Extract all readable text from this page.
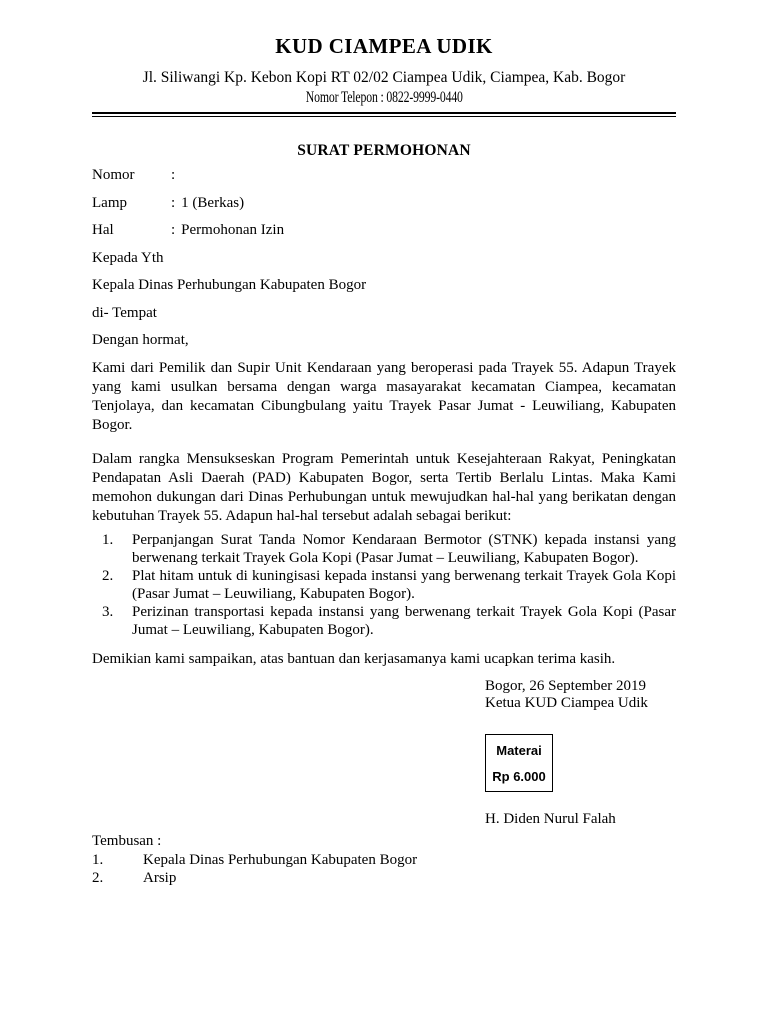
KUD CIAMPEA UDIK
Jl. Siliwangi Kp. Kebon Kopi RT 02/02 Ciampea Udik, Ciampea, Kab. Bogor
Nomor Telepon : 0822-9999-0440
SURAT PERMOHONAN
Nomor	:
Lamp	: 1 (Berkas)
Hal	: Permohonan Izin
Kepada Yth
Kepala Dinas Perhubungan Kabupaten Bogor
di- Tempat
Dengan hormat,

Kami dari Pemilik dan Supir Unit Kendaraan yang beroperasi pada Trayek 55. Adapun Trayek yang kami usulkan bersama dengan warga masayarakat kecamatan Ciampea, kecamatan Tenjolaya, dan kecamatan Cibungbulang yaitu Trayek Pasar Jumat - Leuwiliang, Kabupaten Bogor.

Dalam rangka Mensukseskan Program Pemerintah untuk Kesejahteraan Rakyat, Peningkatan Pendapatan Asli Daerah (PAD) Kabupaten Bogor, serta Tertib Berlalu Lintas. Maka Kami memohon dukungan dari Dinas Perhubungan untuk mewujudkan hal-hal yang berikatan dengan kebutuhan Trayek 55. Adapun hal-hal tersebut adalah sebagai berikut:

1.	Perpanjangan Surat Tanda Nomor Kendaraan Bermotor (STNK) kepada instansi yang berwenang terkait Trayek Gola Kopi (Pasar Jumat – Leuwiliang, Kabupaten Bogor).
2.	Plat hitam untuk di kuningisasi kepada instansi yang berwenang terkait Trayek Gola Kopi (Pasar Jumat – Leuwiliang, Kabupaten Bogor).
3.	Perizinan transportasi kepada instansi yang berwenang terkait Trayek Gola Kopi (Pasar Jumat – Leuwiliang, Kabupaten Bogor).
Demikian kami sampaikan, atas bantuan dan kerjasamanya kami ucapkan terima kasih.
Bogor, 26 September 2019
Ketua KUD Ciampea Udik
Materai
Rp 6.000
H. Diden Nurul Falah
Tembusan :
1.	Kepala Dinas Perhubungan Kabupaten Bogor
2.	Arsip
